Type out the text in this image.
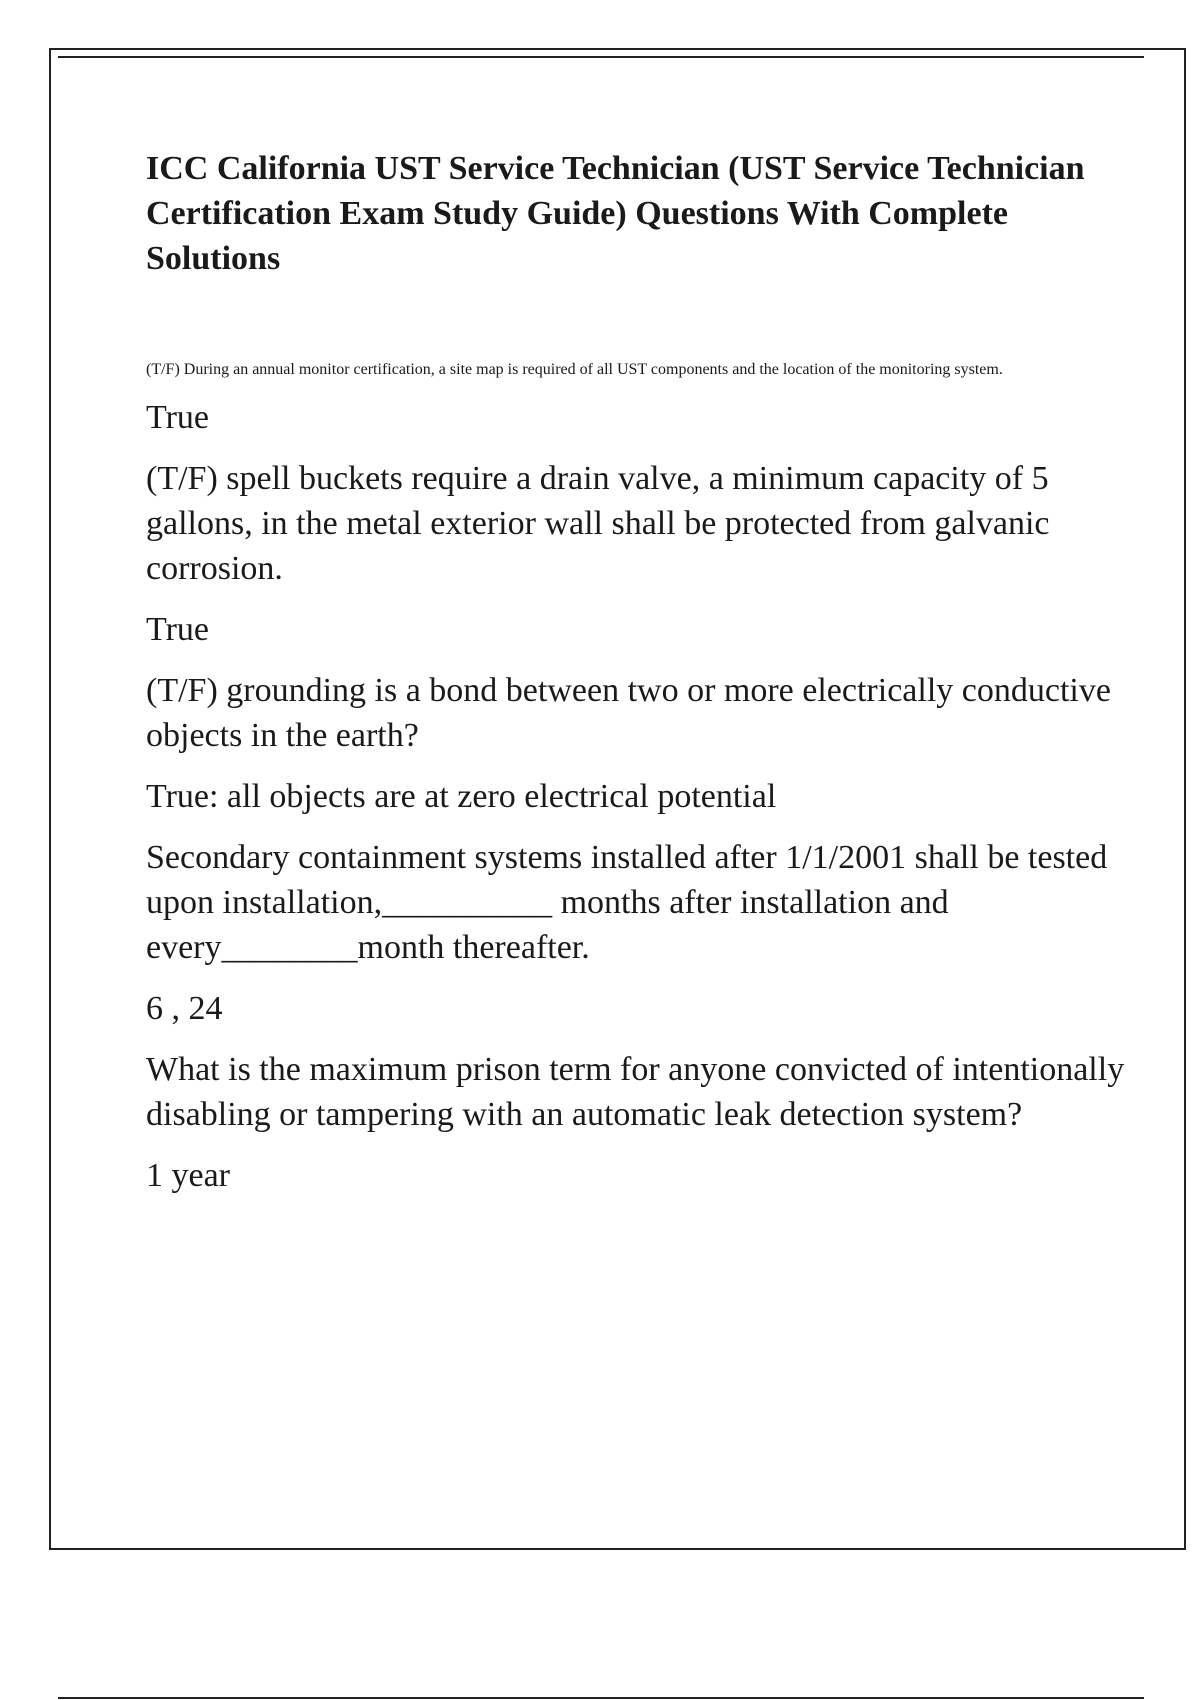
ICC California UST Service Technician (UST Service Technician Certification Exam Study Guide) Questions With Complete Solutions
(T/F) During an annual monitor certification, a site map is required of all UST components and the location of the monitoring system.
True
(T/F) spell buckets require a drain valve, a minimum capacity of 5 gallons, in the metal exterior wall shall be protected from galvanic corrosion.
True
(T/F) grounding is a bond between two or more electrically conductive objects in the earth?
True: all objects are at zero electrical potential
Secondary containment systems installed after 1/1/2001 shall be tested upon installation,__________ months after installation and every________month thereafter.
6 , 24
What is the maximum prison term for anyone convicted of intentionally disabling or tampering with an automatic leak detection system?
1 year
